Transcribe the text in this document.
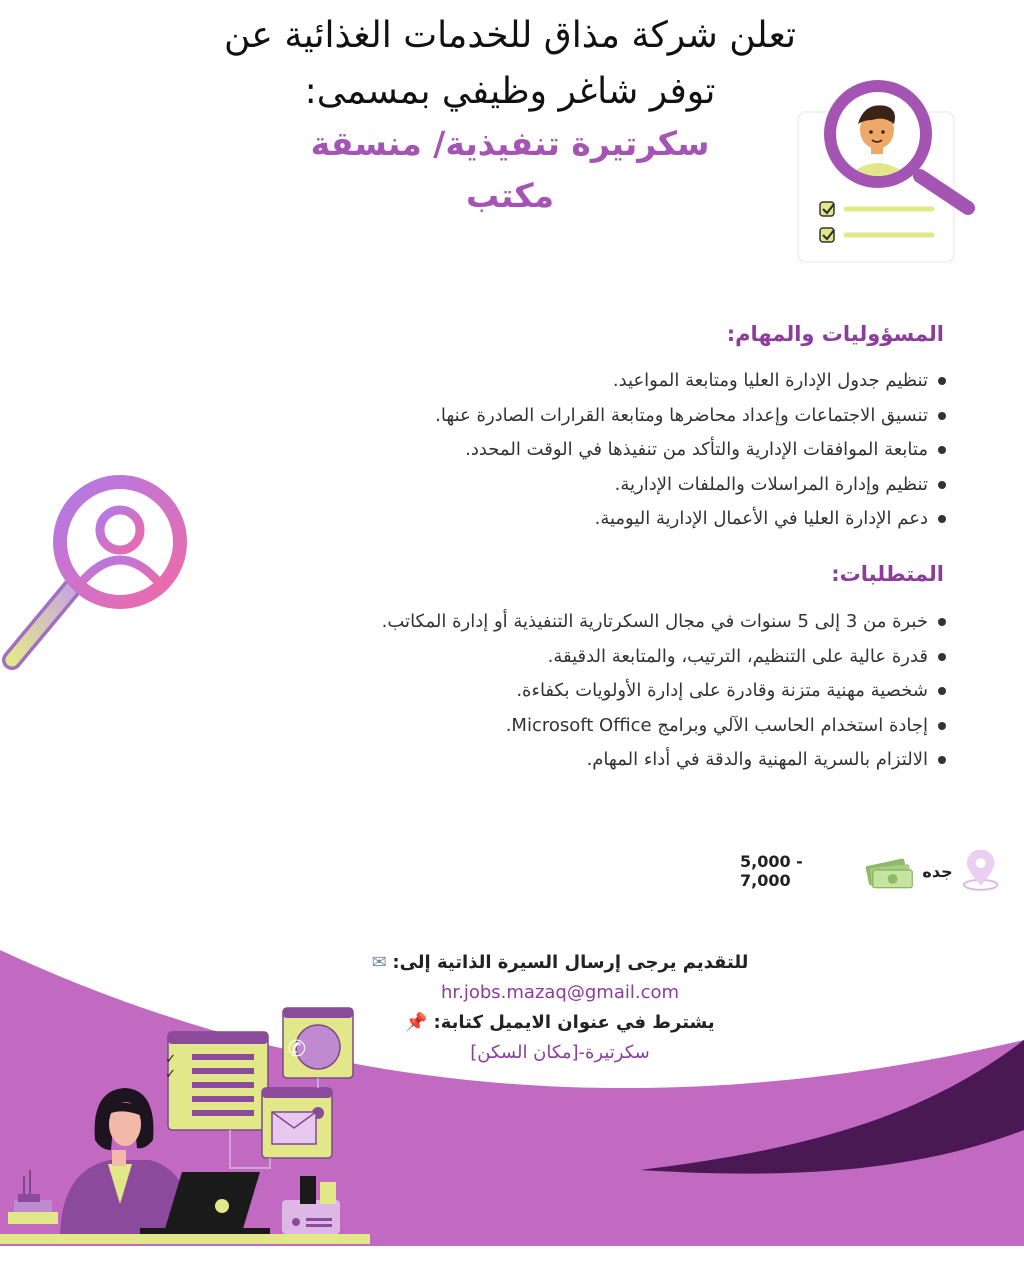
تعلن شركة مذاق للخدمات الغذائية عن
توفر شاغر وظيفي بمسمى:
سكرتيرة تنفيذية/ منسقة
مكتب
المسؤوليات والمهام:
تنظيم جدول الإدارة العليا ومتابعة المواعيد.
تنسيق الاجتماعات وإعداد محاضرها ومتابعة القرارات الصادرة عنها.
متابعة الموافقات الإدارية والتأكد من تنفيذها في الوقت المحدد.
تنظيم وإدارة المراسلات والملفات الإدارية.
دعم الإدارة العليا في الأعمال الإدارية اليومية.
المتطلبات:
خبرة من 3 إلى 5 سنوات في مجال السكرتارية التنفيذية أو إدارة المكاتب.
قدرة عالية على التنظيم، الترتيب، والمتابعة الدقيقة.
شخصية مهنية متزنة وقادرة على إدارة الأولويات بكفاءة.
إجادة استخدام الحاسب الآلي وبرامج Microsoft Office.
الالتزام بالسرية المهنية والدقة في أداء المهام.
جده
5,000 - 7,000
للتقديم يرجى إرسال السيرة الذاتية إلى: ✉
hr.jobs.mazaq@gmail.com
يشترط في عنوان الايميل كتابة: 📌
سكرتيرة-[مكان السكن]
✓
✓
✆
